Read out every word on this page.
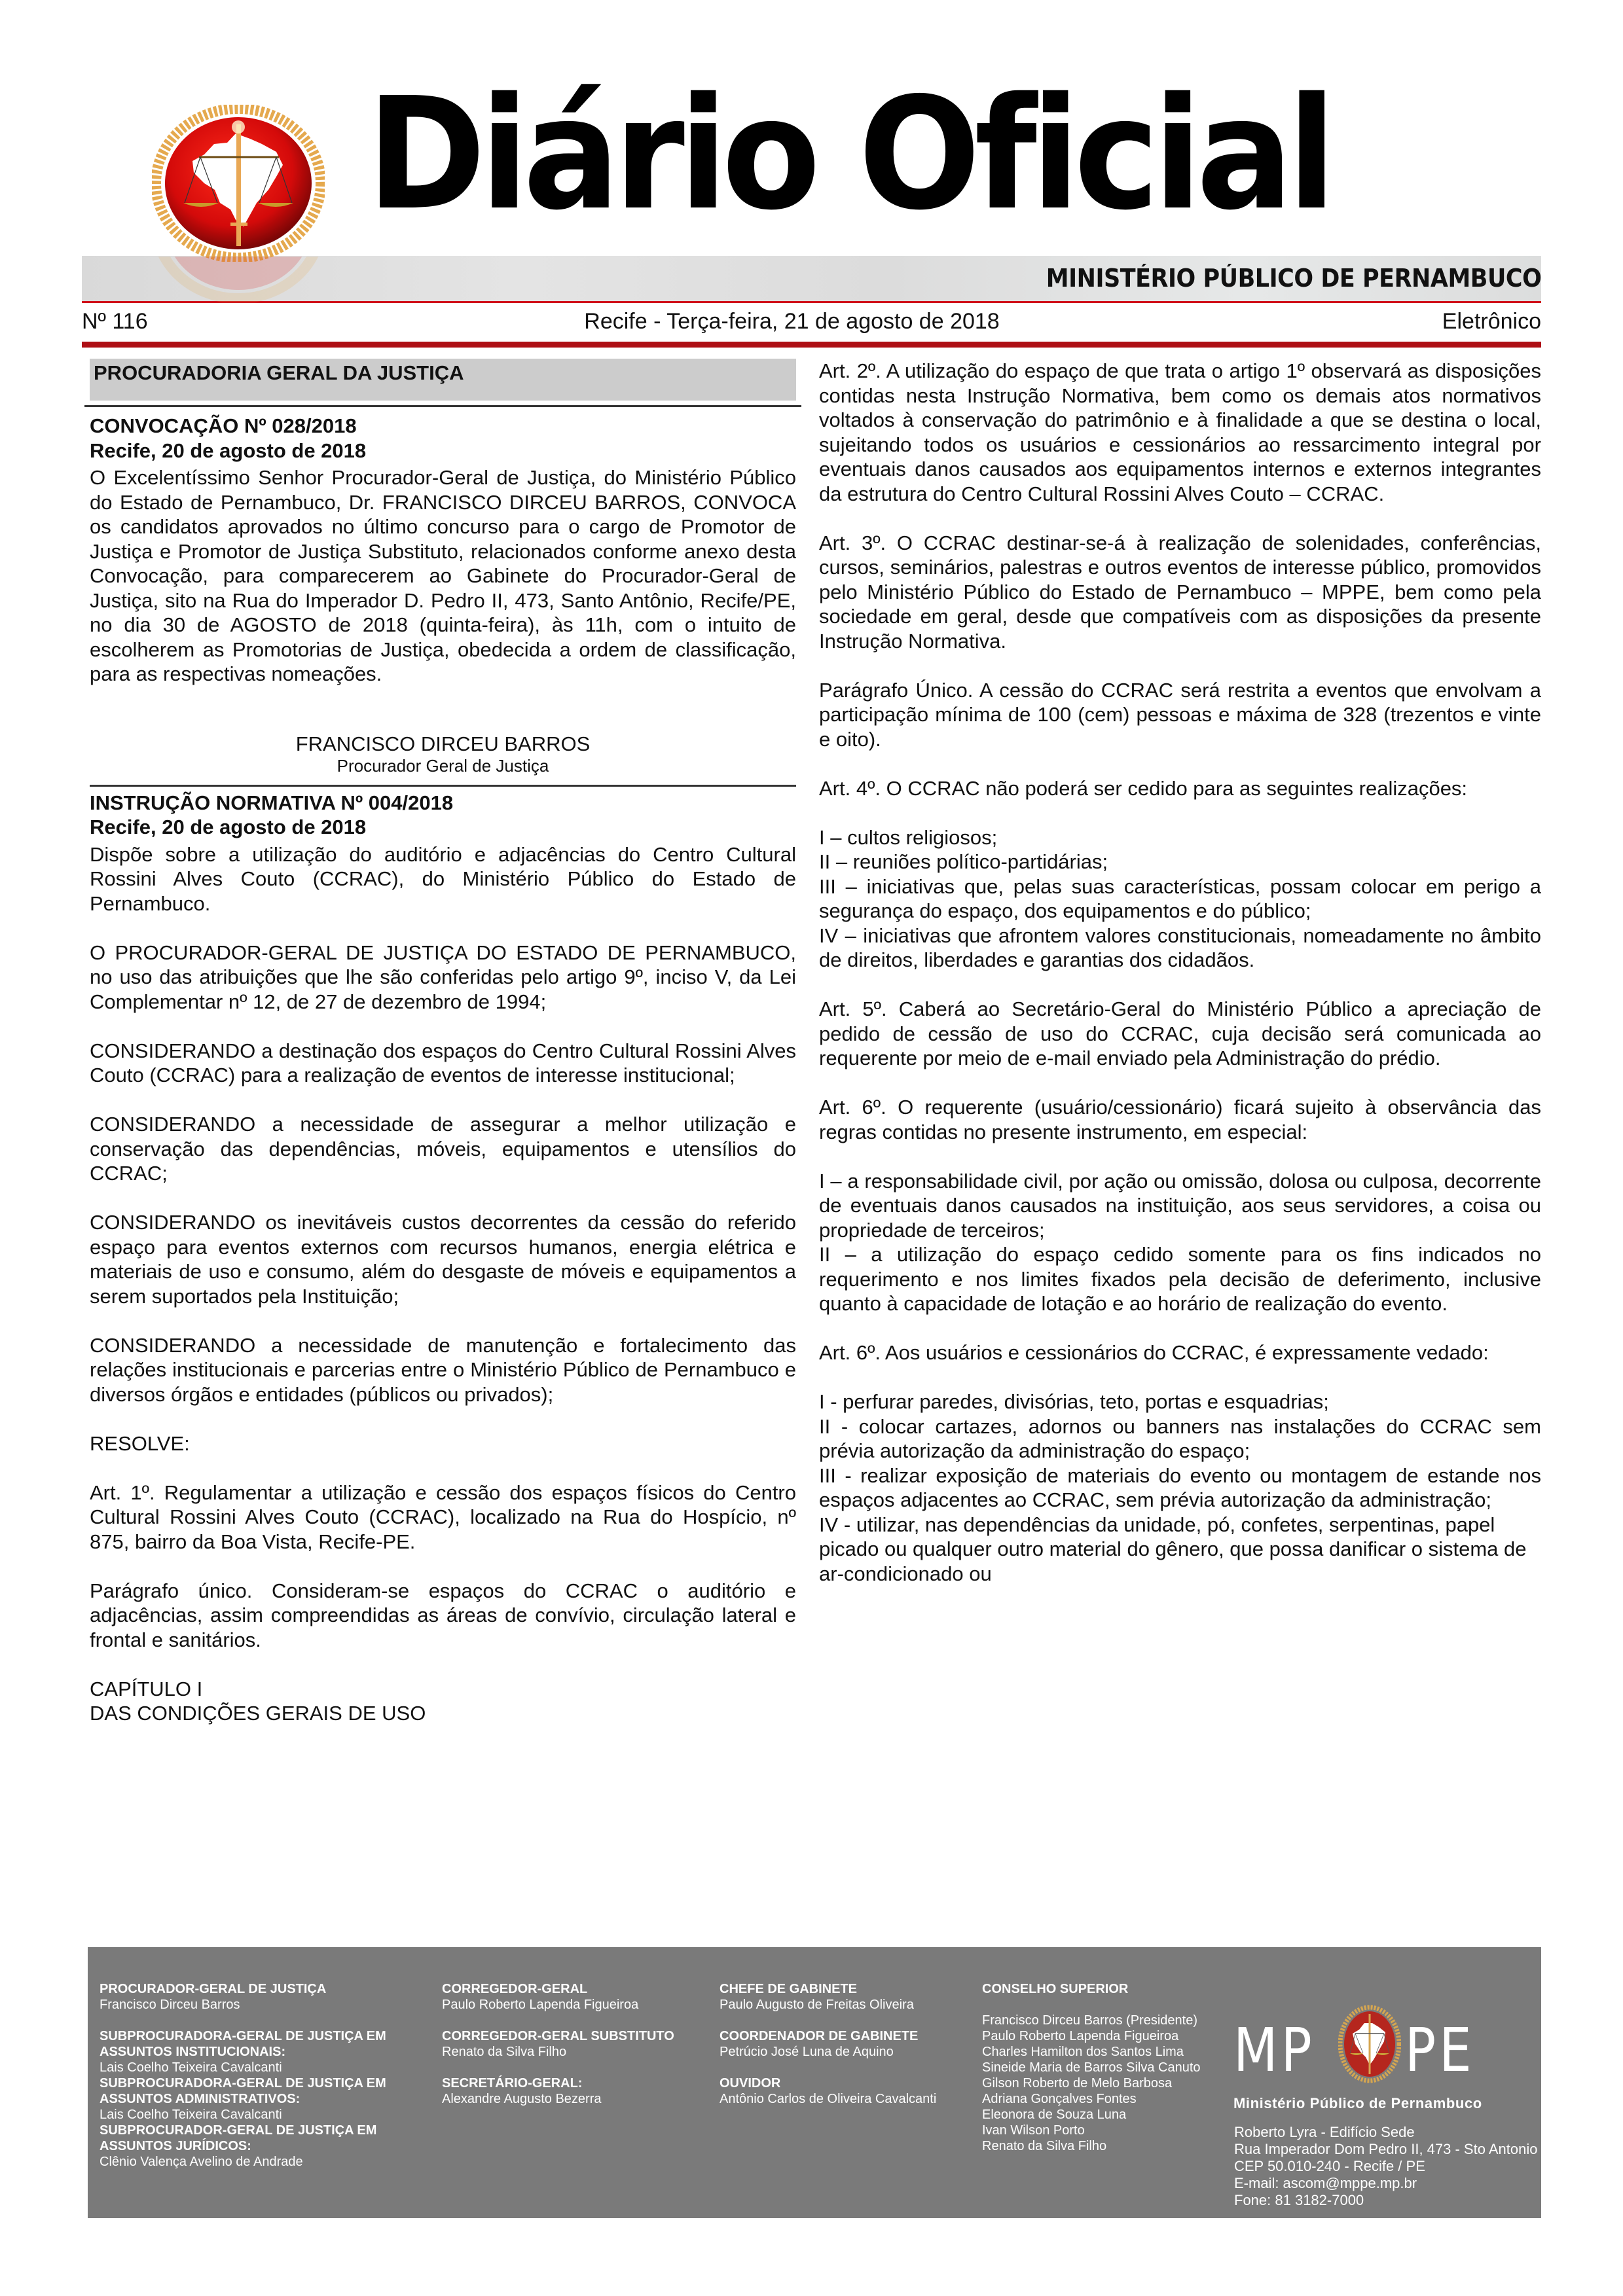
Diário Oficial
MINISTÉRIO PÚBLICO DE PERNAMBUCO
Nº 116	Recife - Terça-feira, 21 de agosto de 2018	Eletrônico
PROCURADORIA GERAL DA JUSTIÇA
CONVOCAÇÃO Nº 028/2018
Recife, 20 de agosto de 2018

O Excelentíssimo Senhor Procurador-Geral de Justiça, do Ministério Público do Estado de Pernambuco, Dr. FRANCISCO DIRCEU BARROS, CONVOCA os candidatos aprovados no último concurso para o cargo de Promotor de Justiça e Promotor de Justiça Substituto, relacionados conforme anexo desta Convocação, para comparecerem ao Gabinete do Procurador-Geral de Justiça, sito na Rua do Imperador D. Pedro II, 473, Santo Antônio, Recife/PE, no dia 30 de AGOSTO de 2018 (quinta-feira), às 11h, com o intuito de escolherem as Promotorias de Justiça, obedecida a ordem de classificação, para as respectivas nomeações.

FRANCISCO DIRCEU BARROS
Procurador Geral de Justiça
INSTRUÇÃO NORMATIVA Nº 004/2018
Recife, 20 de agosto de 2018

Dispõe sobre a utilização do auditório e adjacências do Centro Cultural Rossini Alves Couto (CCRAC), do Ministério Público do Estado de Pernambuco.

O PROCURADOR-GERAL DE JUSTIÇA DO ESTADO DE PERNAMBUCO, no uso das atribuições que lhe são conferidas pelo artigo 9º, inciso V, da Lei Complementar nº 12, de 27 de dezembro de 1994;

CONSIDERANDO a destinação dos espaços do Centro Cultural Rossini Alves Couto (CCRAC) para a realização de eventos de interesse institucional;

CONSIDERANDO a necessidade de assegurar a melhor utilização e conservação das dependências, móveis, equipamentos e utensílios do CCRAC;

CONSIDERANDO os inevitáveis custos decorrentes da cessão do referido espaço para eventos externos com recursos humanos, energia elétrica e materiais de uso e consumo, além do desgaste de móveis e equipamentos a serem suportados pela Instituição;

CONSIDERANDO a necessidade de manutenção e fortalecimento das relações institucionais e parcerias entre o Ministério Público de Pernambuco e diversos órgãos e entidades (públicos ou privados);

RESOLVE:

Art. 1º. Regulamentar a utilização e cessão dos espaços físicos do Centro Cultural Rossini Alves Couto (CCRAC), localizado na Rua do Hospício, nº 875, bairro da Boa Vista, Recife-PE.

Parágrafo único. Consideram-se espaços do CCRAC o auditório e adjacências, assim compreendidas as áreas de convívio, circulação lateral e frontal e sanitários.

CAPÍTULO I
DAS CONDIÇÕES GERAIS DE USO

Art. 2º. A utilização do espaço de que trata o artigo 1º observará as disposições contidas nesta Instrução Normativa, bem como os demais atos normativos voltados à conservação do patrimônio e à finalidade a que se destina o local, sujeitando todos os usuários e cessionários ao ressarcimento integral por eventuais danos causados aos equipamentos internos e externos integrantes da estrutura do Centro Cultural Rossini Alves Couto – CCRAC.

Art. 3º. O CCRAC destinar-se-á à realização de solenidades, conferências, cursos, seminários, palestras e outros eventos de interesse público, promovidos pelo Ministério Público do Estado de Pernambuco – MPPE, bem como pela sociedade em geral, desde que compatíveis com as disposições da presente Instrução Normativa.

Parágrafo Único. A cessão do CCRAC será restrita a eventos que envolvam a participação mínima de 100 (cem) pessoas e máxima de 328 (trezentos e vinte e oito).

Art. 4º. O CCRAC não poderá ser cedido para as seguintes realizações:

I – cultos religiosos;

II – reuniões político-partidárias;

III – iniciativas que, pelas suas características, possam colocar em perigo a segurança do espaço, dos equipamentos e do público;

IV – iniciativas que afrontem valores constitucionais, nomeadamente no âmbito de direitos, liberdades e garantias dos cidadãos.

Art. 5º. Caberá ao Secretário-Geral do Ministério Público a apreciação de pedido de cessão de uso do CCRAC, cuja decisão será comunicada ao requerente por meio de e-mail enviado pela Administração do prédio.

Art. 6º. O requerente (usuário/cessionário) ficará sujeito à observância das regras contidas no presente instrumento, em especial:

I – a responsabilidade civil, por ação ou omissão, dolosa ou culposa, decorrente de eventuais danos causados na instituição, aos seus servidores, a coisa ou propriedade de terceiros;

II – a utilização do espaço cedido somente para os fins indicados no requerimento e nos limites fixados pela decisão de deferimento, inclusive quanto à capacidade de lotação e ao horário de realização do evento.

Art. 6º. Aos usuários e cessionários do CCRAC, é expressamente vedado:

I - perfurar paredes, divisórias, teto, portas e esquadrias;

II - colocar cartazes, adornos ou banners nas instalações do CCRAC sem prévia autorização da administração do espaço;

III - realizar exposição de materiais do evento ou montagem de estande nos espaços adjacentes ao CCRAC, sem prévia autorização da administração;

IV - utilizar, nas dependências da unidade, pó, confetes, serpentinas, papel picado ou qualquer outro material do gênero, que possa danificar o sistema de ar-condicionado ou

PROCURADOR-GERAL DE JUSTIÇA
Francisco Dirceu Barros
SUBPROCURADORA-GERAL DE JUSTIÇA EM ASSUNTOS INSTITUCIONAIS:
Lais Coelho Teixeira Cavalcanti
SUBPROCURADORA-GERAL DE JUSTIÇA EM ASSUNTOS ADMINISTRATIVOS:
Lais Coelho Teixeira Cavalcanti
SUBPROCURADOR-GERAL DE JUSTIÇA EM ASSUNTOS JURÍDICOS:
Clênio Valença Avelino de Andrade
CORREGEDOR-GERAL
Paulo Roberto Lapenda Figueiroa
CORREGEDOR-GERAL SUBSTITUTO
Renato da Silva Filho
SECRETÁRIO-GERAL:
Alexandre Augusto Bezerra
CHEFE DE GABINETE
Paulo Augusto de Freitas Oliveira
COORDENADOR DE GABINETE
Petrúcio José Luna de Aquino
OUVIDOR
Antônio Carlos de Oliveira Cavalcanti
CONSELHO SUPERIOR
Francisco Dirceu Barros (Presidente)
Paulo Roberto Lapenda Figueiroa
Charles Hamilton dos Santos Lima
Sineide Maria de Barros Silva Canuto
Gilson Roberto de Melo Barbosa
Adriana Gonçalves Fontes
Eleonora de Souza Luna
Ivan Wilson Porto
Renato da Silva Filho
MP PE
Ministério Público de Pernambuco
Roberto Lyra - Edifício Sede
Rua Imperador Dom Pedro II, 473 - Sto Antonio
CEP 50.010-240 - Recife / PE
E-mail: ascom@mppe.mp.br
Fone: 81 3182-7000
